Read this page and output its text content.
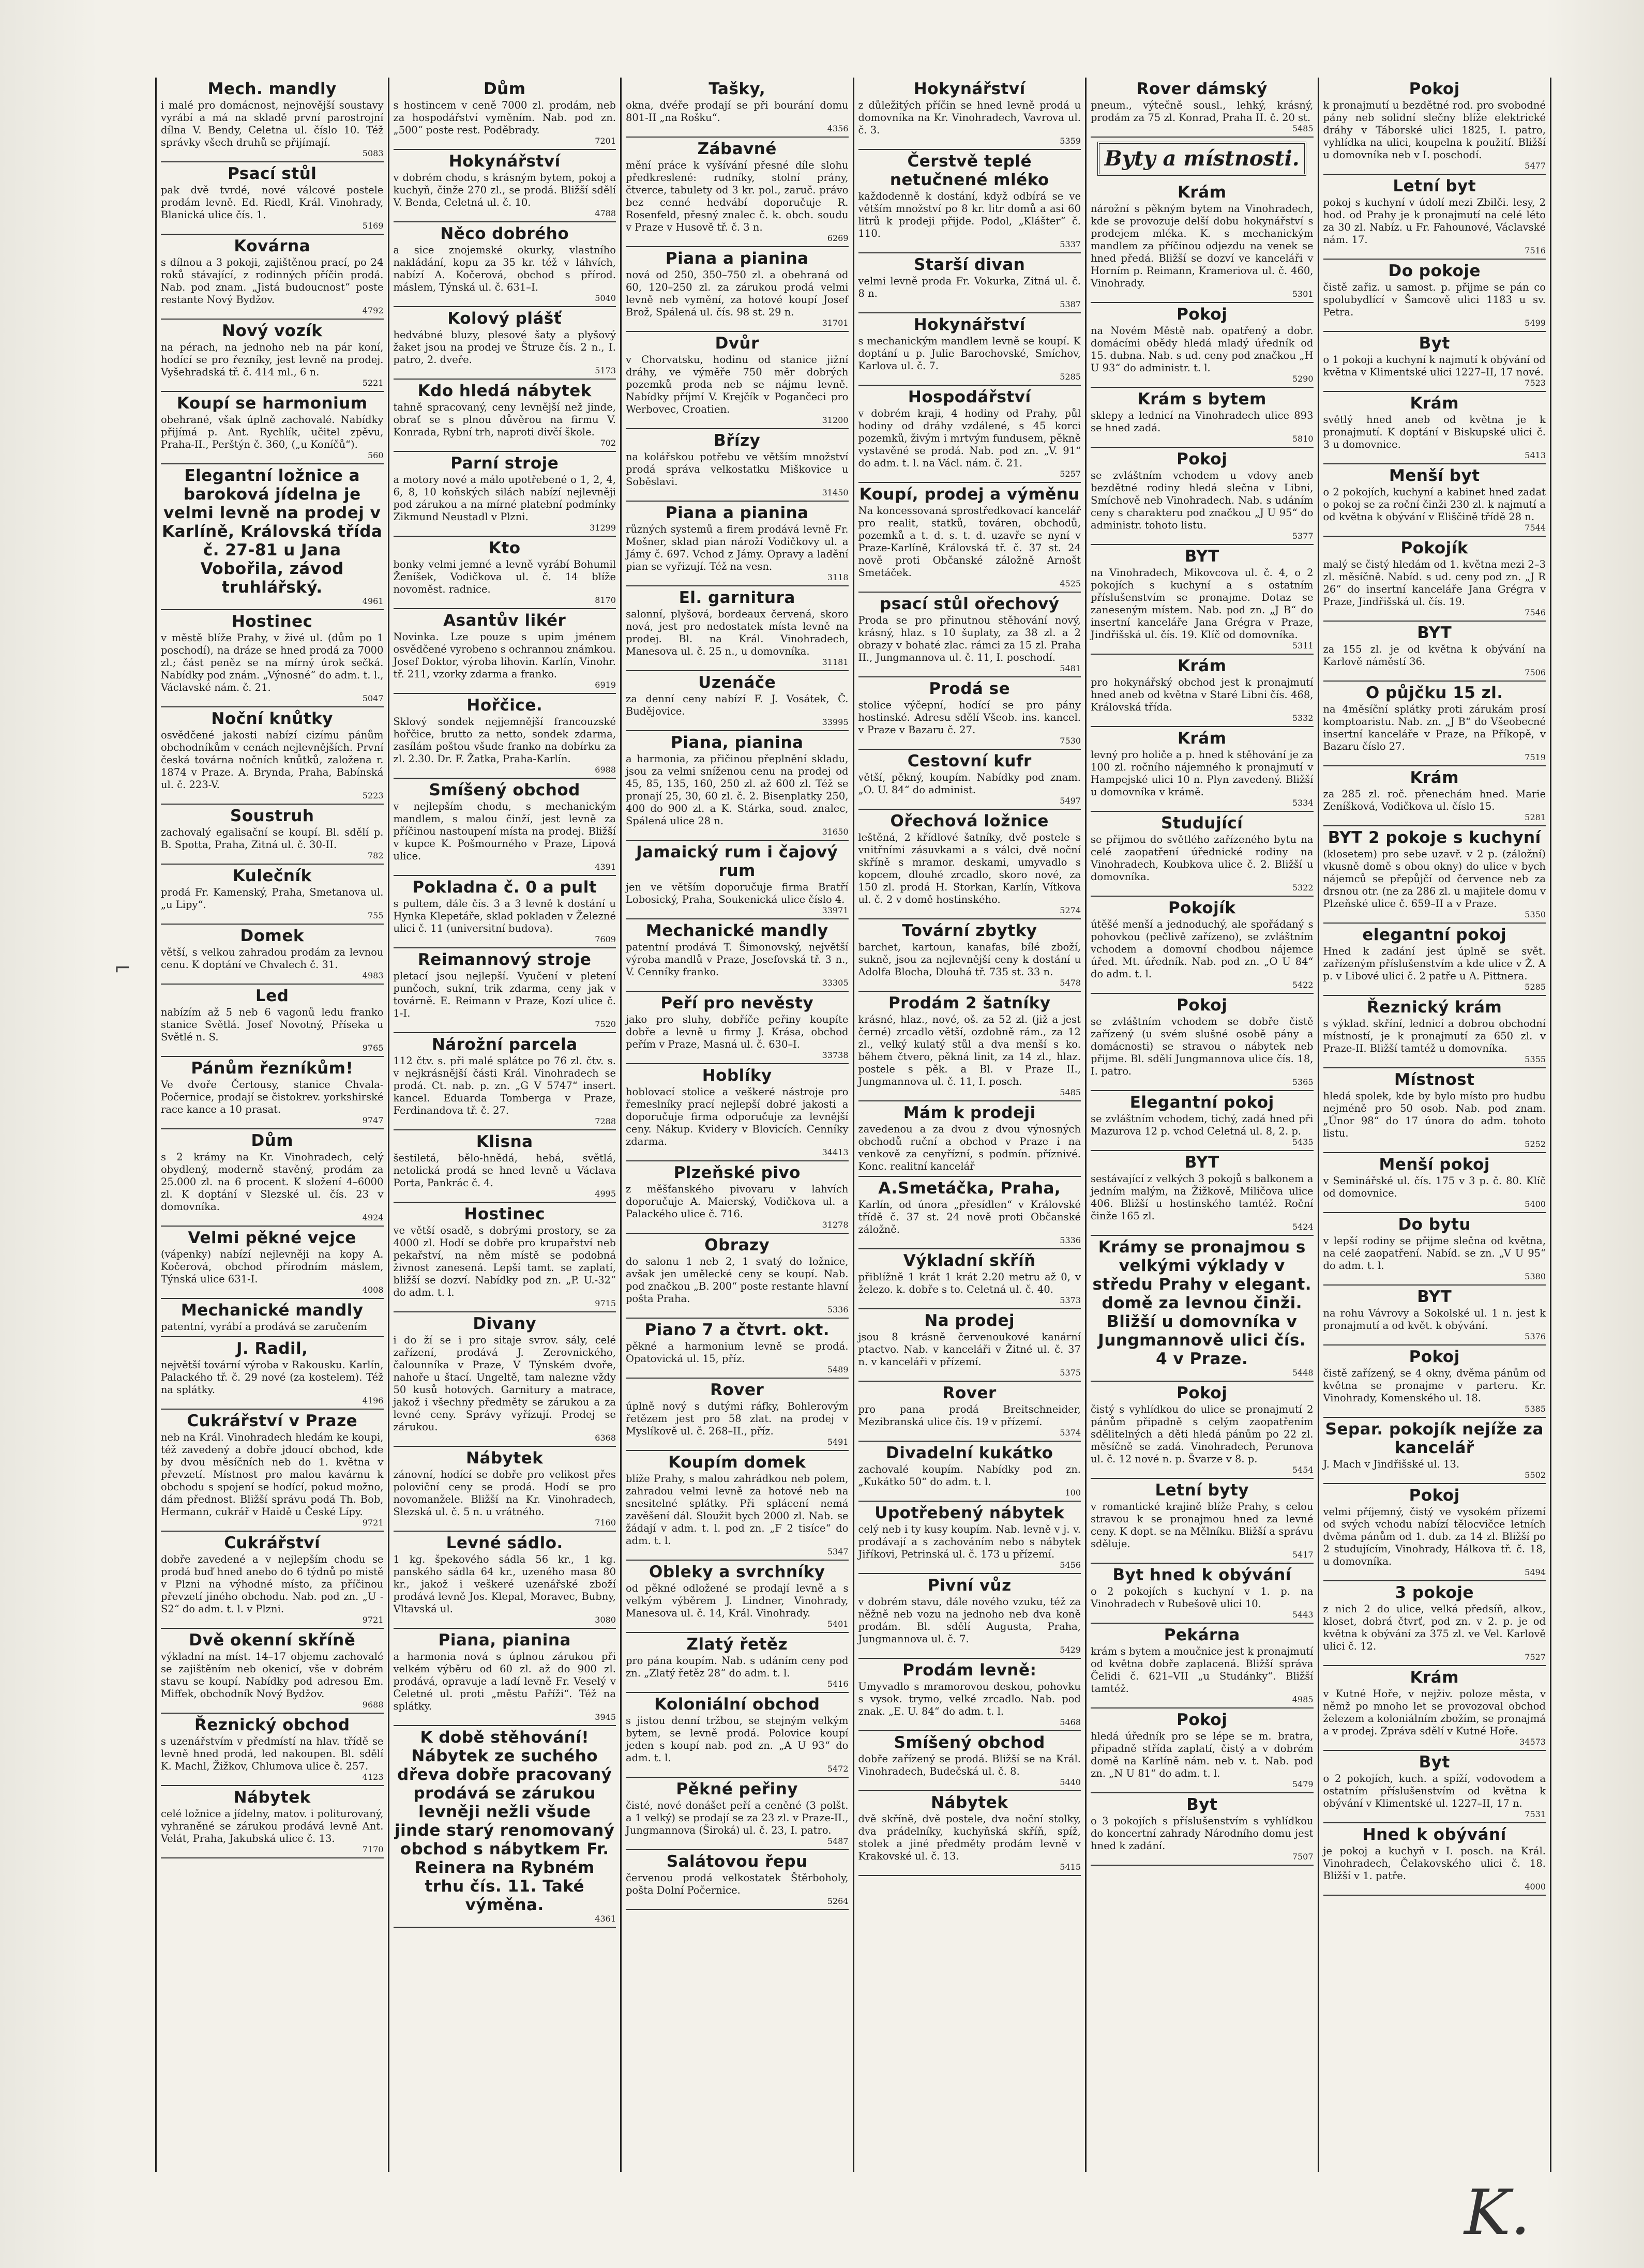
⌐
Mech. mandly

i malé pro domácnost, nejnovější soustavy vyrábí a má na skladě první parostrojní dílna V. Bendy, Celetna ul. číslo 10. Též správky všech druhů se přijímají.

5083
Psací stůl

pak dvě tvrdé, nové válcové postele prodám levně. Ed. Riedl, Král. Vinohrady, Blanická ulice čís. 1.

5169
Kovárna

s dílnou a 3 pokoji, zajištěnou prací, po 24 roků stávající, z rodinných příčin prodá. Nab. pod znam. „Jistá budoucnost“ poste restante Nový Bydžov.

4792
Nový vozík

na pérach, na jednoho neb na pár koní, hodící se pro řezníky, jest levně na prodej. Vyšehradská tř. č. 414 ml., 6 n.

5221
Koupí se harmonium

obehrané, však úplně zachovalé. Nabídky přijímá p. Ant. Rychlík, učitel zpěvu, Praha-II., Perštýn č. 360, („u Koníčů“).

560
Elegantní ložnice a baroková jídelna je velmi levně na prodej v Karlíně, Královská třída č. 27-81 u Jana Vobořila, závod truhlářský.
4961
Hostinec

v městě blíže Prahy, v živé ul. (dům po 1 poschodí), na dráze se hned prodá za 7000 zl.; část peněz se na mírný úrok sečká. Nabídky pod znám. „Výnosné“ do adm. t. l., Václavské nám. č. 21.

5047
Noční knůtky

osvědčené jakosti nabízí cizímu pánům obchodníkům v cenách nejlevnějších. První česká továrna nočních knůtků, založena r. 1874 v Praze. A. Brynda, Praha, Babínská ul. č. 223-V.

5223
Soustruh

zachovalý egalisační se koupí. Bl. sdělí p. B. Spotta, Praha, Zitná ul. č. 30-II.

782
Kulečník

prodá Fr. Kamenský, Praha, Smetanova ul. „u Lipy“.

755
Domek

větší, s velkou zahradou prodám za levnou cenu. K doptání ve Chvalech č. 31.

4983
Led

nabízím až 5 neb 6 vagonů ledu franko stanice Světlá. Josef Novotný, Příseka u Světlé n. S.

9765
Pánům řezníkům!

Ve dvoře Čertousy, stanice Chvala-Počernice, prodají se čistokrev. yorkshirské race kance a 10 prasat.

9747
Dům

s 2 krámy na Kr. Vinohradech, celý obydlený, moderně stavěný, prodám za 25.000 zl. na 6 procent. K složení 4–6000 zl. K doptání v Slezské ul. čís. 23 v domovníka.

4924
Velmi pěkné vejce

(vápenky) nabízí nejlevněji na kopy A. Kočerová, obchod přírodním máslem, Týnská ulice 631-I.

4008
Mechanické mandly

patentní, vyrábí a prodává se zaručením

J. Radil,

největší tovární výroba v Rakousku. Karlín, Palackého tř. č. 29 nové (za kostelem). Též na splátky.

4196
Cukrářství v Praze

neb na Král. Vinohradech hledám ke koupi, též zavedený a dobře jdoucí obchod, kde by dvou měsíčních neb do 1. května v převzetí. Místnost pro malou kavárnu k obchodu s spojení se hodící, pokud možno, dám přednost. Bližší správu podá Th. Bob, Hermann, cukrář v Haidě u České Lípy.

9721
Cukrářství

dobře zavedené a v nejlepším chodu se prodá buď hned anebo do 6 týdnů po mistě v Plzni na výhodné místo, za příčinou převzetí jiného obchodu. Nab. pod zn. „U -S2“ do adm. t. l. v Plzni.

9721
Dvě okenní skříně

výkladní na míst. 14–17 objemu zachovalé se zajištěním neb okenicí, vše v dobrém stavu se koupí. Nabídky pod adresou Em. Miffek, obchodník Nový Bydžov.

9688
Řeznický obchod

s uzenářstvím v předmístí na hlav. třídě se levně hned prodá, led nakoupen. Bl. sdělí K. Machl, Žižkov, Chlumova ulice č. 257.

4123
Nábytek

celé ložnice a jídelny, matov. i politurovaný, vyhraněné se zárukou prodává levně Ant. Velát, Praha, Jakubská ulice č. 13.

7170
Dům

s hostincem v ceně 7000 zl. prodám, neb za hospodářství vyměním. Nab. pod zn. „500“ poste rest. Poděbrady.

7201
Hokynářství

v dobrém chodu, s krásným bytem, pokoj a kuchyň, činže 270 zl., se prodá. Bližší sdělí V. Benda, Celetná ul. č. 10.

4788
Něco dobrého

a sice znojemské okurky, vlastního nakládání, kopu za 35 kr. též v láhvích, nabízí A. Kočerová, obchod s přírod. máslem, Týnská ul. č. 631–I.

5040
Kolový plášť

hedvábné bluzy, plesové šaty a plyšový žaket jsou na prodej ve Štruze čís. 2 n., I. patro, 2. dveře.

5173
Kdo hledá nábytek

tahně spracovaný, ceny levnější než jinde, obrať se s plnou důvěrou na firmu V. Konrada, Rybní trh, naproti divčí škole.

702
Parní stroje

a motory nové a málo upotřebené o 1, 2, 4, 6, 8, 10 koňských silách nabízí nejlevněji pod zárukou a na mírné platební podmínky Zikmund Neustadl v Plzni.

31299
Kto

bonky velmi jemné a levně vyrábí Bohumil Ženíšek, Vodičkova ul. č. 14 blíže novoměst. radnice.

8170
Asantův likér

Novinka. Lze pouze s upim jménem osvědčené vyrobeno s ochrannou známkou. Josef Doktor, výroba lihovin. Karlín, Vinohr. tř. 211, vzorky zdarma a franko.

6919
Hořčice.

Sklový sondek nejjemnější francouzské hořčice, brutto za netto, sondek zdarma, zasílám poštou všude franko na dobírku za zl. 2.30. Dr. F. Žatka, Praha-Karlín.

6988
Smíšený obchod

v nejlepším chodu, s mechanickým mandlem, s malou činží, jest levně za příčinou nastoupení místa na prodej. Bližší v kupce K. Pošmourného v Praze, Lipová ulice.

4391
Pokladna č. 0 a pult

s pultem, dále čís. 3 a 3 levně k dostání u Hynka Klepetáře, sklad pokladen v Železné ulici č. 11 (universitní budova).

7609
Reimannový stroje

pletací jsou nejlepší. Vyučení v pletení punčoch, sukní, trik zdarma, ceny jak v továrně. E. Reimann v Praze, Kozí ulice č. 1-I.

7520
Nárožní parcela

112 čtv. s. při malé splátce po 76 zl. čtv. s. v nejkrásnější části Král. Vinohradech se prodá. Ct. nab. p. zn. „G V 5747“ insert. kancel. Eduarda Tomberga v Praze, Ferdinandova tř. č. 27.

7288
Klisna

šestiletá, bělo-hnědá, hebá, světlá, netolická prodá se hned levně u Václava Porta, Pankrác č. 4.

4995
Hostinec

ve větší osadě, s dobrými prostory, se za 4000 zl. Hodí se dobře pro krupařství neb pekařství, na něm místě se podobná živnost zanesená. Lepší tamt. se zaplatí, bližší se dozví. Nabídky pod zn. „P. U.-32“ do adm. t. l.

9715
Divany

i do ží se i pro sitaje svrov. sály, celé zařízení, prodává J. Zerovnického, čalounníka v Praze, V Týnském dvoře, nahoře u štací. Ungeltě, tam nalezne vždy 50 kusů hotových. Garnitury a matrace, jakož i všechny předměty se zárukou a za levné ceny. Správy vyřízují. Prodej se zárukou.

6368
Nábytek

zánovní, hodící se dobře pro velikost přes poloviční ceny se prodá. Hodí se pro novomanžele. Bližší na Kr. Vinohradech, Slezská ul. č. 5 n. u vrátného.

7160
Levné sádlo.

1 kg. špekového sádla 56 kr., 1 kg. panského sádla 64 kr., uzeného masa 80 kr., jakož i veškeré uzenářské zboží prodává levně Jos. Klepal, Moravec, Bubny, Vltavská ul.

3080
Piana, pianina

a harmonia nová s úplnou zárukou při velkém výběru od 60 zl. až do 900 zl. prodává, opravuje a ladí levně Fr. Veselý v Celetné ul. proti „městu Paříži“. Též na splátky.

3945
K době stěhování! Nábytek ze suchého dřeva dobře pracovaný prodává se zárukou levněji nežli všude jinde starý renomovaný obchod s nábytkem Fr. Reinera na Rybném trhu čís. 11. Také výměna.
4361
Tašky,

okna, dvéře prodají se při bourání domu 801-II „na Rošku“.

4356
Zábavné

mění práce k vyšívání přesné díle slohu předkreslené: rudníky, stolní prány, čtverce, tabulety od 3 kr. pol., zaruč. právo bez cenné hedvábí doporučuje R. Rosenfeld, přesný znalec č. k. obch. soudu v Praze v Husově tř. č. 3 n.

6269
Piana a pianina

nová od 250, 350–750 zl. a obehraná od 60, 120–250 zl. za zárukou prodá velmi levně neb vymění, za hotové koupí Josef Brož, Spálená ul. čís. 98 st. 29 n.

31701
Dvůr

v Chorvatsku, hodinu od stanice jižní dráhy, ve výměře 750 měr dobrých pozemků proda neb se nájmu levně. Nabídky příjmí V. Krejčík v Pogančeci pro Werbovec, Croatien.

31200
Břízy

na kolářskou potřebu ve větším množství prodá správa velkostatku Miškovice u Soběslavi.

31450
Piana a pianina

různých systemů a firem prodává levně Fr. Mošner, sklad pian nároží Vodičkovy ul. a Jámy č. 697. Vchod z Jámy. Opravy a ladění pian se vyřizují. Též na vesn.

3118
El. garnitura

salonní, plyšová, bordeaux červená, skoro nová, jest pro nedostatek místa levně na prodej. Bl. na Král. Vinohradech, Manesova ul. č. 25 n., u domovníka.

31181
Uzenáče

za denní ceny nabízí F. J. Vosátek, Č. Budějovice.

33995
Piana, pianina

a harmonia, za přičinou přeplnění skladu, jsou za velmi sníženou cenu na prodej od 45, 85, 135, 160, 250 zl. až 600 zl. Též se pronají 25, 30, 60 zl. č. 2. Bisenplatky 250, 400 do 900 zl. a K. Stárka, soud. znalec, Spálená ulice 28 n.

31650
Jamaický rum i čajový rum

jen ve větším doporučuje firma Bratří Lobosický, Praha, Soukenická ulice číslo 4.

33971
Mechanické mandly

patentní prodává T. Šimonovský, největší výroba mandlů v Praze, Josefovská tř. 3 n., V. Cenníky franko.

33305
Peří pro nevěsty

jako pro sluhy, dobříče peřiny koupíte dobře a levně u firmy J. Krása, obchod peřím v Praze, Masná ul. č. 630–I.

33738
Hoblíky

hoblovací stolice a veškeré nástroje pro řemeslníky prací nejlepší dobré jakosti a doporučuje firma odporučuje za levnější ceny. Nákup. Kvidery v Blovicích. Cenníky zdarma.

34413
Plzeňské pivo

z měšťanského pivovaru v lahvích doporučuje A. Maierský, Vodičkova ul. a Palackého ulice č. 716.

31278
Obrazy

do salonu 1 neb 2, 1 svatý do ložnice, avšak jen umělecké ceny se koupí. Nab. pod značkou „B. 200“ poste restante hlavní pošta Praha.

5336
Piano 7 a čtvrt. okt.

pěkné a harmonium levně se prodá. Opatovická ul. 15, příz.

5489
Rover

úplně nový s dutými ráfky, Bohlerovým řetězem jest pro 58 zlat. na prodej v Myslíkově ul. č. 268–II., příz.

5491
Koupím domek

blíže Prahy, s malou zahrádkou neb polem, zahradou velmi levně za hotové neb na snesitelné splátky. Při splácení nemá zavěšení dál. Sloužit bych 2000 zl. Nab. se žádají v adm. t. l. pod zn. „F 2 tisíce“ do adm. t. l.

5347
Obleky a svrchníky

od pěkné odložené se prodají levně a s velkým výběrem J. Lindner, Vinohrady, Manesova ul. č. 14, Král. Vinohrady.

5401
Zlatý řetěz

pro pána koupím. Nab. s udáním ceny pod zn. „Zlatý řetěz 28“ do adm. t. l.

5416
Koloniální obchod

s jistou denní tržbou, se stejným velkým bytem, se levně prodá. Polovice koupí jeden s koupí nab. pod zn. „A U 93“ do adm. t. l.

5472
Pěkné peřiny

čisté, nové donášet peří a ceněné (3 polšt. a 1 velký) se prodají se za 23 zl. v Praze-II., Jungmannova (Široká) ul. č. 23, I. patro.

5487
Salátovou řepu

červenou prodá velkostatek Štěrboholy, pošta Dolní Počernice.

5264
Hokynářství

z důležitých příčin se hned levně prodá u domovníka na Kr. Vinohradech, Vavrova ul. č. 3.

5359
Čerstvě teplé netučnené mléko

každodenně k dostání, když odbírá se ve větším množství po 8 kr. litr domů a asi 60 litrů k prodeji přijde. Podol, „Klášter“ č. 110.

5337
Starší divan

velmi levně proda Fr. Vokurka, Zitná ul. č. 8 n.

5387
Hokynářství

s mechanickým mandlem levně se koupí. K doptání u p. Julie Barochovské, Smíchov, Karlova ul. č. 7.

5285
Hospodářství

v dobrém kraji, 4 hodiny od Prahy, půl hodiny od dráhy vzdálené, s 45 korci pozemků, živým i mrtvým fundusem, pěkně vystavěné se prodá. Nab. pod zn. „V. 91“ do adm. t. l. na Václ. nám. č. 21.

5257
Koupí, prodej a výměnu

Na koncessovaná sprostředkovací kancelář pro realit, statků, továren, obchodů, pozemků a t. d. s. t. d. uzavře se nyní v Praze-Karlíně, Královská tř. č. 37 st. 24 nově proti Občanské záložně Arnošt Smetáček.

4525
psací stůl ořechový

Proda se pro přinutnou stěhování nový, krásný, hlaz. s 10 šuplaty, za 38 zl. a 2 obrazy v bohaté zlac. rámci za 15 zl. Praha II., Jungmannova ul. č. 11, I. poschodí.

5481
Prodá se

stolice výčepní, hodící se pro pány hostinské. Adresu sdělí Všeob. ins. kancel. v Praze v Bazaru č. 27.

7530
Cestovní kufr

větší, pěkný, koupím. Nabídky pod znam. „O. U. 84“ do administ.

5497
Ořechová ložnice

leštěná, 2 křídlové šatníky, dvě postele s vnitřními zásuvkami a s válci, dvě noční skříně s mramor. deskami, umyvadlo s kopcem, dlouhé zrcadlo, skoro nové, za 150 zl. prodá H. Storkan, Karlín, Vítkova ul. č. 2 v domě hostinského.

5274
Tovární zbytky

barchet, kartoun, kanafas, bílé zboží, sukně, jsou za nejlevnější ceny k dostání u Adolfa Blocha, Dlouhá tř. 735 st. 33 n.

5478
Prodám 2 šatníky

krásné, hlaz., nové, oš. za 52 zl. (již a jest černé) zrcadlo větší, ozdobně rám., za 12 zl., velký kulatý stůl a dva menší s ko. během čtvero, pěkná linit, za 14 zl., hlaz. postele s pěk. a Bl. v Praze II., Jungmannova ul. č. 11, I. posch.

5485
Mám k prodeji

zavedenou a za dvou z dvou výnosných obchodů ruční a obchod v Praze i na venkově za cenyřízní, s podmín. příznivé. Konc. realitní kancelář

A.Smetáčka, Praha,

Karlín, od února „přesídlen“ v Královské třídě č. 37 st. 24 nově proti Občanské záložně.

5336
Výkladní skříň

přiblížně 1 krát 1 krát 2.20 metru až 0, v železo. k. dobře s to. Celetná ul. č. 40.

5373
Na prodej

jsou 8 krásně červenoukové kanární ptactvo. Nab. v kanceláři v Žitné ul. č. 37 n. v kanceláři v přízemí.

5375
Rover

pro pana prodá Breitschneider, Mezibranská ulice čís. 19 v přízemí.

5374
Divadelní kukátko

zachovalé koupím. Nabídky pod zn. „Kukátko 50“ do adm. t. l.

100
Upotřebený nábytek

celý neb i ty kusy koupím. Nab. levně v j. v. prodávají a s zachováním nebo s nábytek Jiříkovi, Petrinská ul. č. 173 u přízemí.

5456
Pivní vůz

v dobrém stavu, dále nového vzuku, též za něžně neb vozu na jednoho neb dva koně prodám. Bl. sdělí Augusta, Praha, Jungmannova ul. č. 7.

5429
Prodám levně:

Umyvadlo s mramorovou deskou, pohovku s vysok. trymo, velké zrcadlo. Nab. pod znak. „E. U. 84“ do adm. t. l.

5468
Smíšený obchod

dobře zařízený se prodá. Bližší se na Král. Vinohradech, Budečská ul. č. 8.

5440
Nábytek

dvě skříně, dvě postele, dva noční stolky, dva prádelníky, kuchyňská skříň, spíž, stolek a jiné předměty prodám levně v Krakovské ul. č. 13.

5415
Rover dámský

pneum., výtečně sousl., lehký, krásný, prodám za 75 zl. Konrad, Praha II. č. 20 st.

5485
Byty a místnosti.
Krám

nárožní s pěkným bytem na Vinohradech, kde se provozuje delší dobu hokynářství s prodejem mléka. K. s mechanickým mandlem za příčinou odjezdu na venek se hned předá. Bližší se dozví ve kanceláři v Horním p. Reimann, Krameriova ul. č. 460, Vinohrady.

5301
Pokoj

na Novém Městě nab. opatřený a dobr. domácími obědy hledá mladý úředník od 15. dubna. Nab. s ud. ceny pod značkou „H U 93“ do administr. t. l.

5290
Krám s bytem

sklepy a lednicí na Vinohradech ulice 893 se hned zadá.

5810
Pokoj

se zvláštním vchodem u vdovy aneb bezdětné rodiny hledá slečna v Libni, Smíchově neb Vinohradech. Nab. s udáním ceny s charakteru pod značkou „J U 95“ do administr. tohoto listu.

5377
BYT

na Vinohradech, Mikovcova ul. č. 4, o 2 pokojích s kuchyní a s ostatním příslušenstvím se pronajme. Dotaz se zaneseným místem. Nab. pod zn. „J B“ do insertní kanceláře Jana Grégra v Praze, Jindřišská ul. čís. 19. Klíč od domovníka.

5311
Krám

pro hokynářský obchod jest k pronajmutí hned aneb od května v Staré Libni čís. 468, Královská třída.

5332
Krám

levný pro holiče a p. hned k stěhování je za 100 zl. ročního nájemného k pronajmutí v Hampejské ulici 10 n. Plyn zavedený. Bližší u domovníka v krámě.

5334
Studující

se přijmou do světlého zařízeného bytu na celé zaopatření úřednické rodiny na Vinohradech, Koubkova ulice č. 2. Bližší u domovníka.

5322
Pokojík

útěšé menší a jednoduchý, ale spořádaný s pohovkou (pečlivě zařízeno), se zvláštním vchodem a domovní chodbou nájemce úřed. Mt. úředník. Nab. pod zn. „O U 84“ do adm. t. l.

5422
Pokoj

se zvláštním vchodem se dobře čistě zařízený (u svém slušné osobě pány a domácnosti) se stravou o nábytek neb přijme. Bl. sdělí Jungmannova ulice čís. 18, I. patro.

5365
Elegantní pokoj

se zvláštním vchodem, tichý, zadá hned při Mazurova 12 p. vchod Celetná ul. 8, 2. p.

5435
BYT

sestávající z velkých 3 pokojů s balkonem a jedním malým, na Žižkově, Miličova ulice 406. Bližší u hostinského tamtéž. Roční činže 165 zl.

5424
Krámy se pronajmou s velkými výklady v středu Prahy v elegant. domě za levnou činži. Bližší u domovníka v Jungmannově ulici čís. 4 v Praze.
5448
Pokoj

čistý s vyhlídkou do ulice se pronajmutí 2 pánům připadně s celým zaopatřením sdělitelných a děti hledá pánům po 22 zl. měsíčně se zadá. Vinohradech, Perunova ul. č. 12 nové n. p. Švarze v 8. p.

5454
Letní byty

v romantické krajině blíže Prahy, s celou stravou k se pronajmou hned za levné ceny. K dopt. se na Mělníku. Bližší a správu sděluje.

5417
Byt hned k obývání

o 2 pokojích s kuchyní v 1. p. na Vinohradech v Rubešově ulici 10.

5443
Pekárna

krám s bytem a moučnice jest k pronajmutí od května dobře zaplacená. Bližší správa Čelidi č. 621–VII „u Studánky“. Bližší tamtéž.

4985
Pokoj

hledá úředník pro se lépe se m. bratra, připadně střída zaplatí, čistý a v dobrém domě na Karlíně nám. neb v. t. Nab. pod zn. „N U 81“ do adm. t. l.

5479
Byt

o 3 pokojích s příslušenstvím s vyhlídkou do koncertní zahrady Národního domu jest hned k zadání.

7507
Pokoj

k pronajmutí u bezdětné rod. pro svobodné pány neb solidní slečny blíže elektrické dráhy v Táborské ulici 1825, I. patro, vyhlídka na ulici, koupelna k použití. Bližší u domovníka neb v I. poschodí.

5477
Letní byt

pokoj s kuchyní v údolí mezi Zbilči. lesy, 2 hod. od Prahy je k pronajmutí na celé léto za 30 zl. Nabíz. u Fr. Fahounové, Václavské nám. 17.

7516
Do pokoje

čistě zařiz. u samost. p. přijme se pán co spolubydlící v Šamcově ulici 1183 u sv. Petra.

5499
Byt

o 1 pokoji a kuchyní k najmutí k obývání od května v Klimentské ulici 1227–II, 17 nové.

7523
Krám

světlý hned aneb od května je k pronajmutí. K doptání v Biskupské ulici č. 3 u domovnice.

5413
Menší byt

o 2 pokojích, kuchyní a kabinet hned zadat o pokoj se za roční činži 230 zl. k najmutí a od května k obývání v Eliščině třídě 28 n.

7544
Pokojík

malý se čistý hledám od 1. května mezi 2–3 zl. měsíčně. Nabíd. s ud. ceny pod zn. „J R 26“ do insertní kanceláře Jana Grégra v Praze, Jindřišská ul. čís. 19.

7546
BYT

za 155 zl. je od května k obývání na Karlově náměstí 36.

7506
O půjčku 15 zl.

na 4měsíční splátky proti zárukám prosí komptoaristu. Nab. zn. „J B“ do Všeobecné insertní kanceláře v Praze, na Příkopě, v Bazaru číslo 27.

7519
Krám

za 285 zl. roč. přenechám hned. Marie Zeníšková, Vodičkova ul. číslo 15.

5281
BYT 2 pokoje s kuchyní

(klosetem) pro sebe uzavř. v 2 p. (záložní) vkusně domě s obou okny) do ulice v bych nájemců se přepůjčí od července neb za drsnou otr. (ne za 286 zl. u majitele domu v Plzeňské ulice č. 659–II a v Praze.

5350
elegantní pokoj

Hned k zadání jest úplně se svět. zařízeným příslušenstvím a kde ulice v Ž. A p. v Libové ulici č. 2 patře u A. Pittnera.

5285
Řeznický krám

s výklad. skříní, lednicí a dobrou obchodní místností, je k pronajmutí za 650 zl. v Praze-II. Bližší tamtéž u domovníka.

5355
Místnost

hledá spolek, kde by bylo místo pro hudbu nejméně pro 50 osob. Nab. pod znam. „Únor 98“ do 17 února do adm. tohoto listu.

5252
Menší pokoj

v Seminářské ul. čís. 175 v 3 p. č. 80. Klíč od domovnice.

5400
Do bytu

v lepší rodiny se přijme slečna od května, na celé zaopatření. Nabíd. se zn. „V U 95“ do adm. t. l.

5380
BYT

na rohu Vávrovy a Sokolské ul. 1 n. jest k pronajmutí a od květ. k obývání.

5376
Pokoj

čistě zařízený, se 4 okny, dvěma pánům od května se pronajme v parteru. Kr. Vinohrady, Komenského ul. 18.

5385
Separ. pokojík nejíže za kancelář

J. Mach v Jindřišské ul. 13.

5502
Pokoj

velmi příjemný, čistý ve vysokém přízemí od svých vchodu nabízí tělocvičce letních dvěma pánům od 1. dub. za 14 zl. Bližší po 2 studujícím, Vinohrady, Hálkova tř. č. 18, u domovníka.

5494
3 pokoje

z nich 2 do ulice, velká předsíň, alkov., kloset, dobrá čtvrť, pod zn. v 2. p. je od května k obývání za 375 zl. ve Vel. Karlově ulici č. 12.

7527
Krám

v Kutné Hoře, v nejživ. poloze města, v němž po mnoho let se provozoval obchod železem a koloniálním zbožím, se pronajmá a v prodej. Zpráva sdělí v Kutné Hoře.

34573
Byt

o 2 pokojích, kuch. a spíží, vodovodem a ostatním příslušenstvím od května k obývání v Klimentské ul. 1227–II, 17 n.

7531
Hned k obývání

je pokoj a kuchyň v I. posch. na Král. Vinohradech, Čelakovského ulici č. 18. Bližší v 1. patře.

4000
K.
